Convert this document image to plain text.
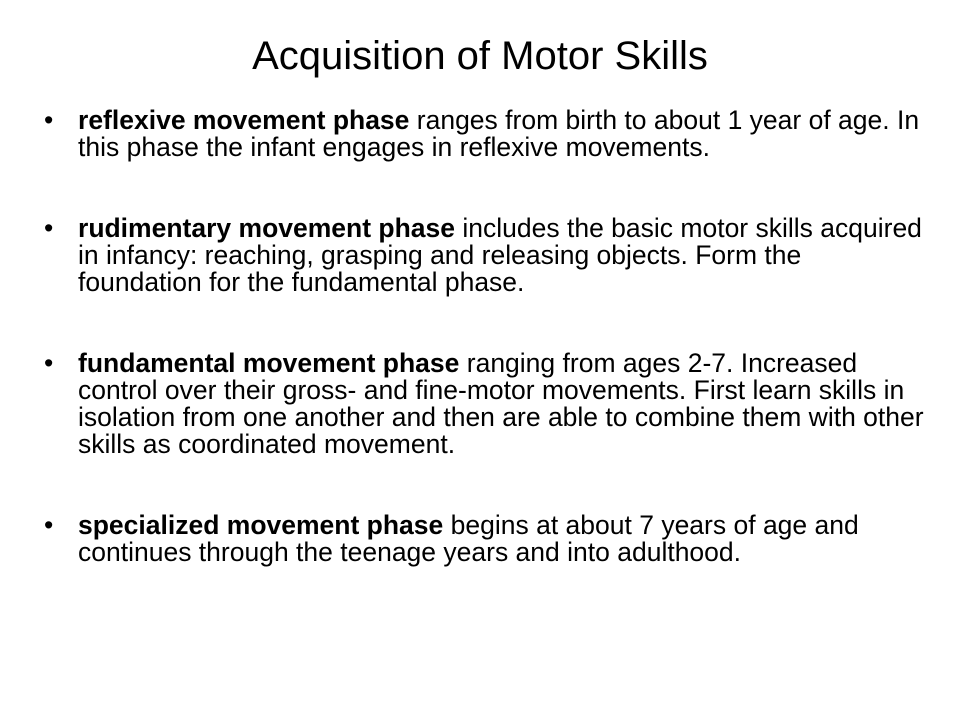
Acquisition of Motor Skills
• reflexive movement phase ranges from birth to about 1 year of age. In this phase the infant engages in reflexive movements.
• rudimentary movement phase includes the basic motor skills acquired in infancy: reaching, grasping and releasing objects. Form the foundation for the fundamental phase.
• fundamental movement phase ranging from ages 2-7. Increased control over their gross- and fine-motor movements. First learn skills in isolation from one another and then are able to combine them with other skills as coordinated movement.
• specialized movement phase begins at about 7 years of age and continues through the teenage years and into adulthood.
